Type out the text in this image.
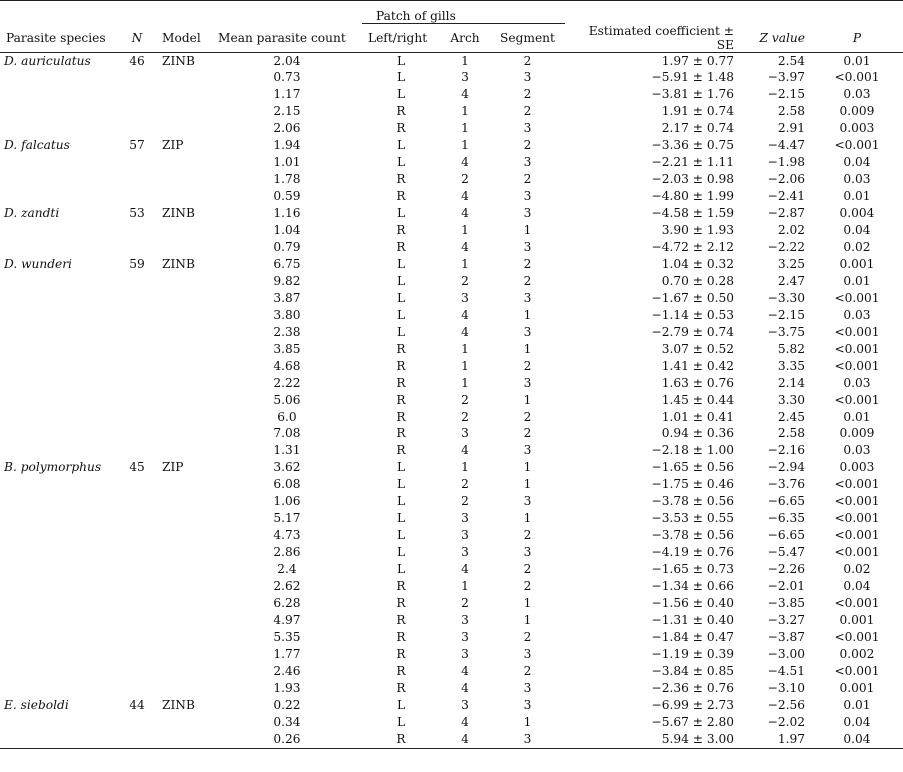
				Patch of gills					
Parasite species	N	Model	Mean parasite count	Left/right	Arch	Segment	Estimated coefficient ± SE	Z value	P
D. auriculatus	46	ZINB	2.04	L	1	2	1.97 ± 0.77	2.54	0.01
			0.73	L	3	3	−5.91 ± 1.48	−3.97	<0.001
			1.17	L	4	2	−3.81 ± 1.76	−2.15	0.03
			2.15	R	1	2	1.91 ± 0.74	2.58	0.009
			2.06	R	1	3	2.17 ± 0.74	2.91	0.003
D. falcatus	57	ZIP	1.94	L	1	2	−3.36 ± 0.75	−4.47	<0.001
			1.01	L	4	3	−2.21 ± 1.11	−1.98	0.04
			1.78	R	2	2	−2.03 ± 0.98	−2.06	0.03
			0.59	R	4	3	−4.80 ± 1.99	−2.41	0.01
D. zandti	53	ZINB	1.16	L	4	3	−4.58 ± 1.59	−2.87	0.004
			1.04	R	1	1	3.90 ± 1.93	2.02	0.04
			0.79	R	4	3	−4.72 ± 2.12	−2.22	0.02
D. wunderi	59	ZINB	6.75	L	1	2	1.04 ± 0.32	3.25	0.001
			9.82	L	2	2	0.70 ± 0.28	2.47	0.01
			3.87	L	3	3	−1.67 ± 0.50	−3.30	<0.001
			3.80	L	4	1	−1.14 ± 0.53	−2.15	0.03
			2.38	L	4	3	−2.79 ± 0.74	−3.75	<0.001
			3.85	R	1	1	3.07 ± 0.52	5.82	<0.001
			4.68	R	1	2	1.41 ± 0.42	3.35	<0.001
			2.22	R	1	3	1.63 ± 0.76	2.14	0.03
			5.06	R	2	1	1.45 ± 0.44	3.30	<0.001
			6.0	R	2	2	1.01 ± 0.41	2.45	0.01
			7.08	R	3	2	0.94 ± 0.36	2.58	0.009
			1.31	R	4	3	−2.18 ± 1.00	−2.16	0.03
B. polymorphus	45	ZIP	3.62	L	1	1	−1.65 ± 0.56	−2.94	0.003
			6.08	L	2	1	−1.75 ± 0.46	−3.76	<0.001
			1.06	L	2	3	−3.78 ± 0.56	−6.65	<0.001
			5.17	L	3	1	−3.53 ± 0.55	−6.35	<0.001
			4.73	L	3	2	−3.78 ± 0.56	−6.65	<0.001
			2.86	L	3	3	−4.19 ± 0.76	−5.47	<0.001
			2.4	L	4	2	−1.65 ± 0.73	−2.26	0.02
			2.62	R	1	2	−1.34 ± 0.66	−2.01	0.04
			6.28	R	2	1	−1.56 ± 0.40	−3.85	<0.001
			4.97	R	3	1	−1.31 ± 0.40	−3.27	0.001
			5.35	R	3	2	−1.84 ± 0.47	−3.87	<0.001
			1.77	R	3	3	−1.19 ± 0.39	−3.00	0.002
			2.46	R	4	2	−3.84 ± 0.85	−4.51	<0.001
			1.93	R	4	3	−2.36 ± 0.76	−3.10	0.001
E. sieboldi	44	ZINB	0.22	L	3	3	−6.99 ± 2.73	−2.56	0.01
			0.34	L	4	1	−5.67 ± 2.80	−2.02	0.04
			0.26	R	4	3	5.94 ± 3.00	1.97	0.04
